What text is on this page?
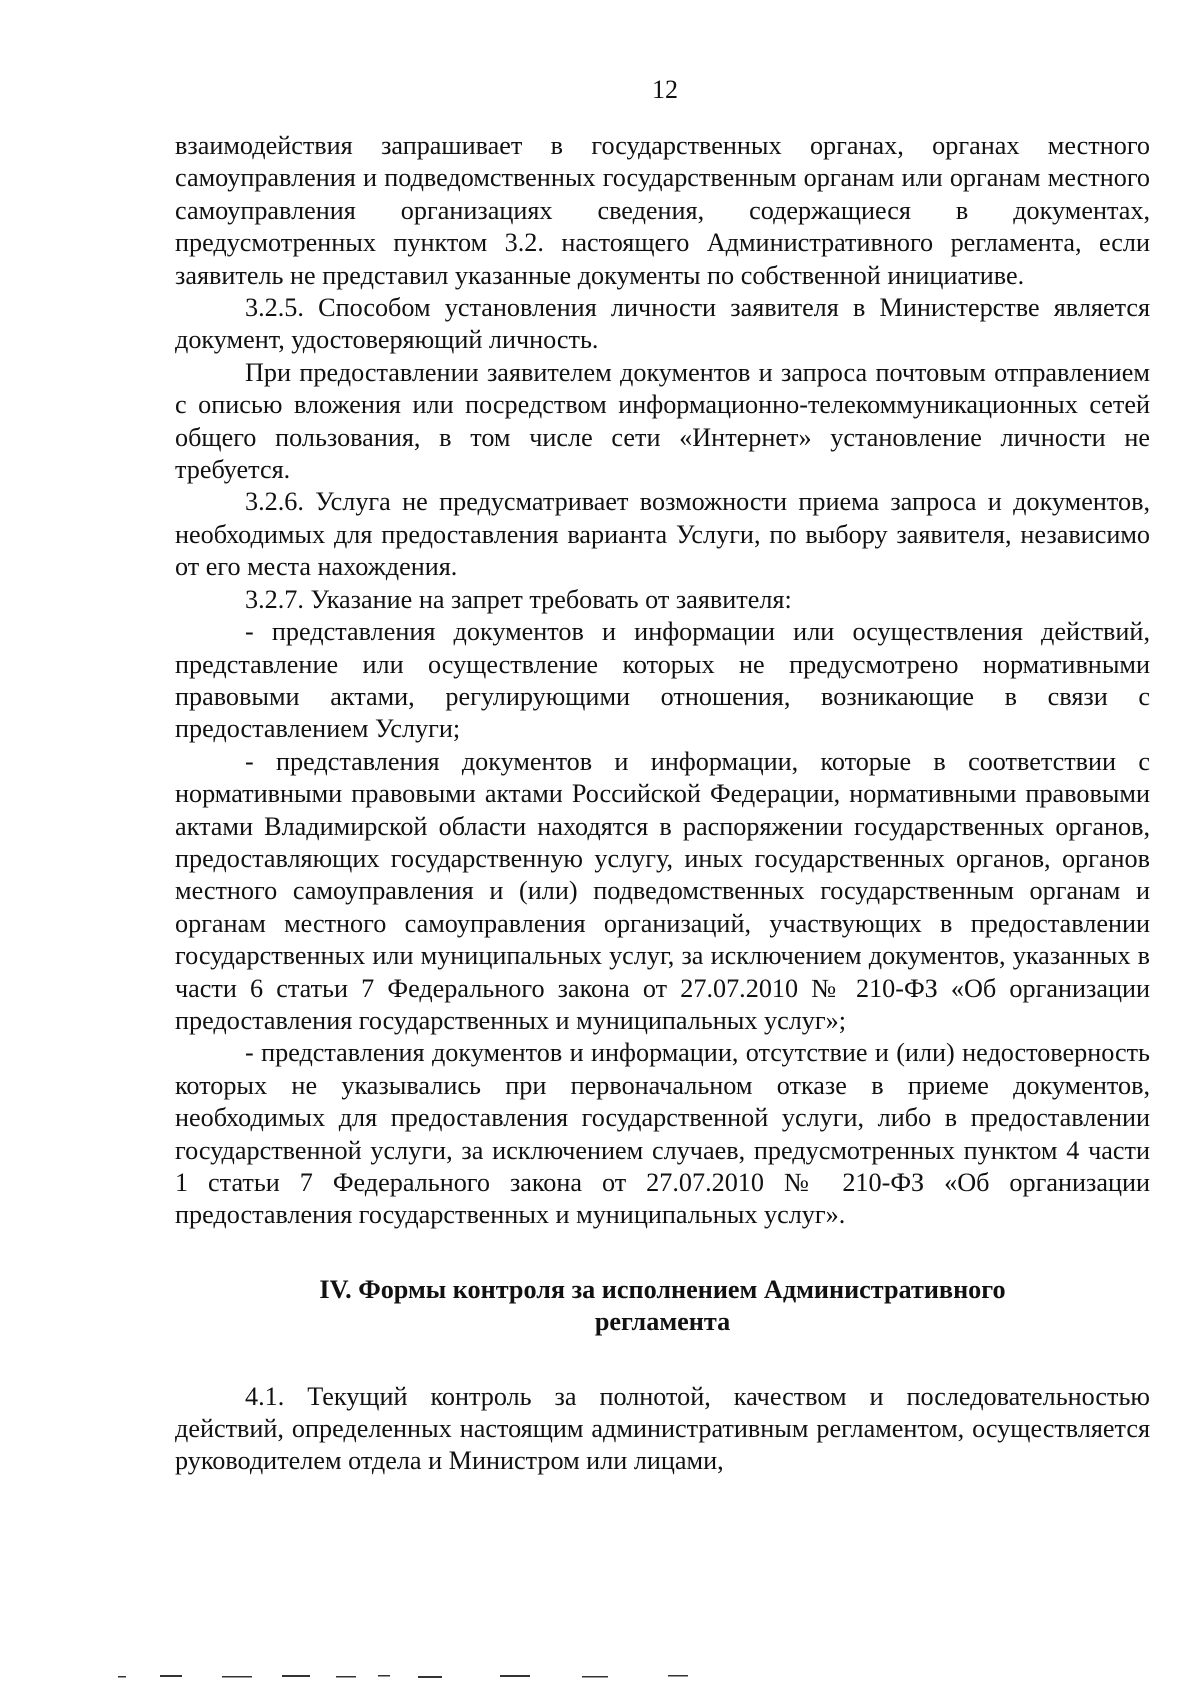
12

взаимодействия запрашивает в государственных органах, органах местного самоуправления и подведомственных государственным органам или органам местного самоуправления организациях сведения, содержащиеся в документах, предусмотренных пунктом 3.2. настоящего Административного регламента, если заявитель не представил указанные документы по собственной инициативе.

3.2.5. Способом установления личности заявителя в Министерстве является документ, удостоверяющий личность.

При предоставлении заявителем документов и запроса почтовым отправлением с описью вложения или посредством информационно-телекоммуникационных сетей общего пользования, в том числе сети «Интернет» установление личности не требуется.

3.2.6. Услуга не предусматривает возможности приема запроса и документов, необходимых для предоставления варианта Услуги, по выбору заявителя, независимо от его места нахождения.

3.2.7. Указание на запрет требовать от заявителя:

- представления документов и информации или осуществления действий, представление или осуществление которых не предусмотрено нормативными правовыми актами, регулирующими отношения, возникающие в связи с предоставлением Услуги;

- представления документов и информации, которые в соответствии с нормативными правовыми актами Российской Федерации, нормативными правовыми актами Владимирской области находятся в распоряжении государственных органов, предоставляющих государственную услугу, иных государственных органов, органов местного самоуправления и (или) подведомственных государственным органам и органам местного самоуправления организаций, участвующих в предоставлении государственных или муниципальных услуг, за исключением документов, указанных в части 6 статьи 7 Федерального закона от 27.07.2010 № 210-ФЗ «Об организации предоставления государственных и муниципальных услуг»;

- представления документов и информации, отсутствие и (или) недостоверность которых не указывались при первоначальном отказе в приеме документов, необходимых для предоставления государственной услуги, либо в предоставлении государственной услуги, за исключением случаев, предусмотренных пунктом 4 части 1 статьи 7 Федерального закона от 27.07.2010 № 210-ФЗ «Об организации предоставления государственных и муниципальных услуг».

IV. Формы контроля за исполнением Административного
регламента

4.1. Текущий контроль за полнотой, качеством и последовательностью действий, определенных настоящим административным регламентом, осуществляется руководителем отдела и Министром или лицами,
